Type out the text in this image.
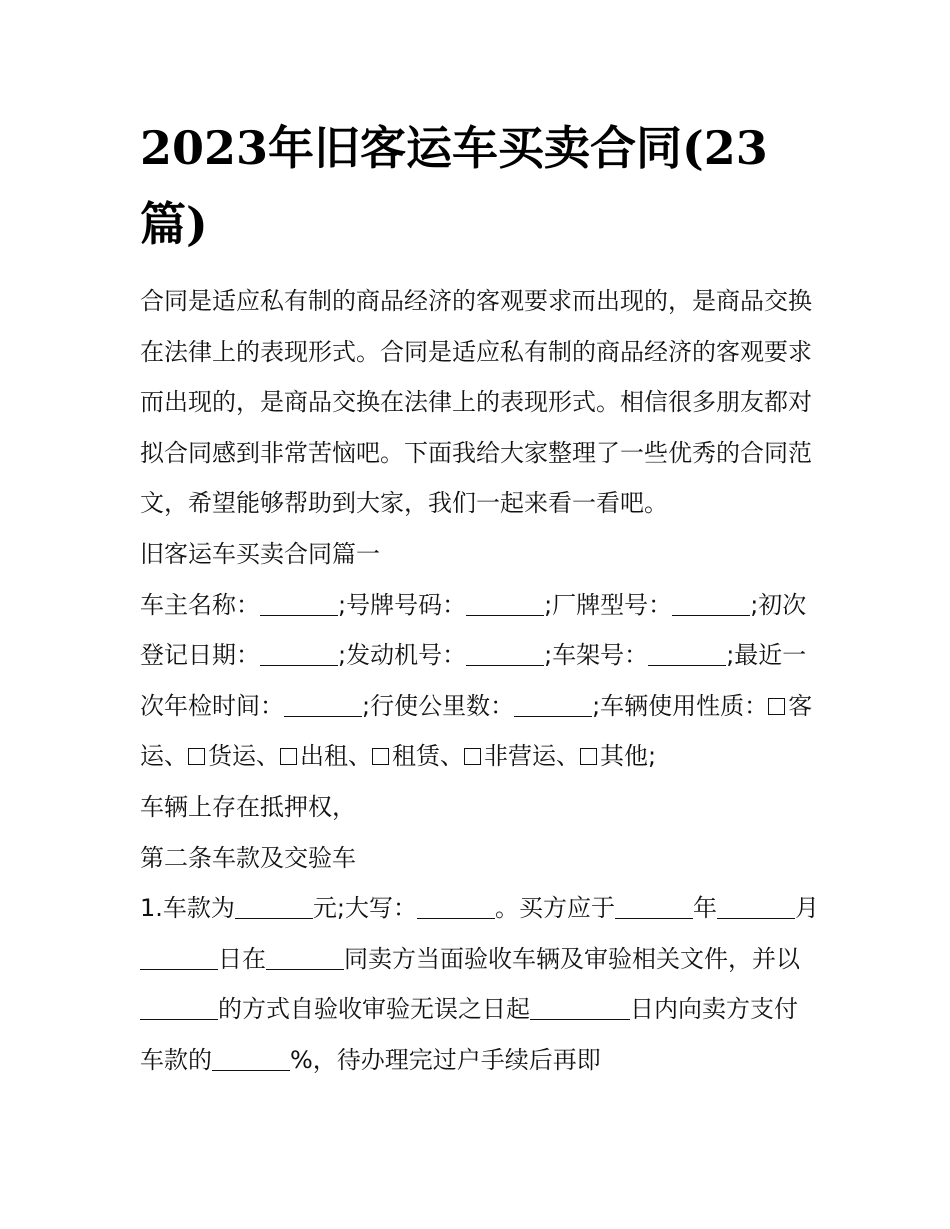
2023年旧客运车买卖合同(23篇)

合同是适应私有制的商品经济的客观要求而出现的，是商品交换在法律上的表现形式。合同是适应私有制的商品经济的客观要求而出现的，是商品交换在法律上的表现形式。相信很多朋友都对拟合同感到非常苦恼吧。下面我给大家整理了一些优秀的合同范文，希望能够帮助到大家，我们一起来看一看吧。

旧客运车买卖合同篇一

车主名称：	;号牌号码：	;厂牌型号：	;初次登记日期：	;发动机号：	;车架号：	;最近一次年检时间：	;行使公里数：	;车辆使用性质： 客运、 货运、 出租、 租赁、 非营运、 其他;

车辆上存在抵押权，

第二条车款及交验车

1.车款为	元;大写：	。买方应于	年	月日在	同卖方当面验收车辆及审验相关文件，并以的方式自验收审验无误之日起	日内向卖方支付车款的	%，待办理完过户手续后再即
